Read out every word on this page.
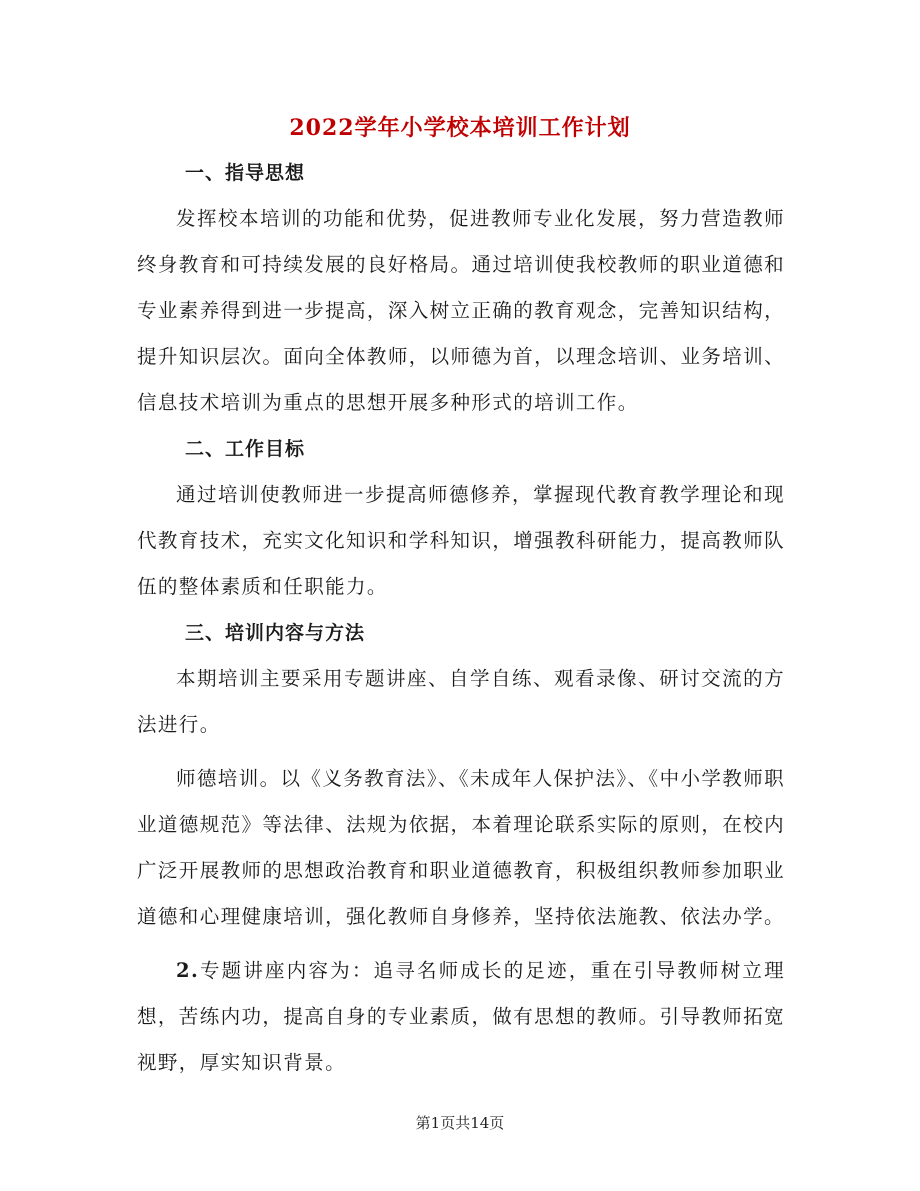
2022学年小学校本培训工作计划

一、指导思想

发挥校本培训的功能和优势，促进教师专业化发展，努力营造教师终身教育和可持续发展的良好格局。通过培训使我校教师的职业道德和专业素养得到进一步提高，深入树立正确的教育观念，完善知识结构，提升知识层次。面向全体教师，以师德为首，以理念培训、业务培训、信息技术培训为重点的思想开展多种形式的培训工作。

二、工作目标

通过培训使教师进一步提高师德修养，掌握现代教育教学理论和现代教育技术，充实文化知识和学科知识，增强教科研能力，提高教师队伍的整体素质和任职能力。

三、培训内容与方法

本期培训主要采用专题讲座、自学自练、观看录像、研讨交流的方法进行。

师德培训。以《义务教育法》、《未成年人保护法》、《中小学教师职业道德规范》等法律、法规为依据，本着理论联系实际的原则，在校内广泛开展教师的思想政治教育和职业道德教育，积极组织教师参加职业道德和心理健康培训，强化教师自身修养，坚持依法施教、依法办学。

2.专题讲座内容为：追寻名师成长的足迹，重在引导教师树立理想，苦练内功，提高自身的专业素质，做有思想的教师。引导教师拓宽视野，厚实知识背景。

第1页共14页
